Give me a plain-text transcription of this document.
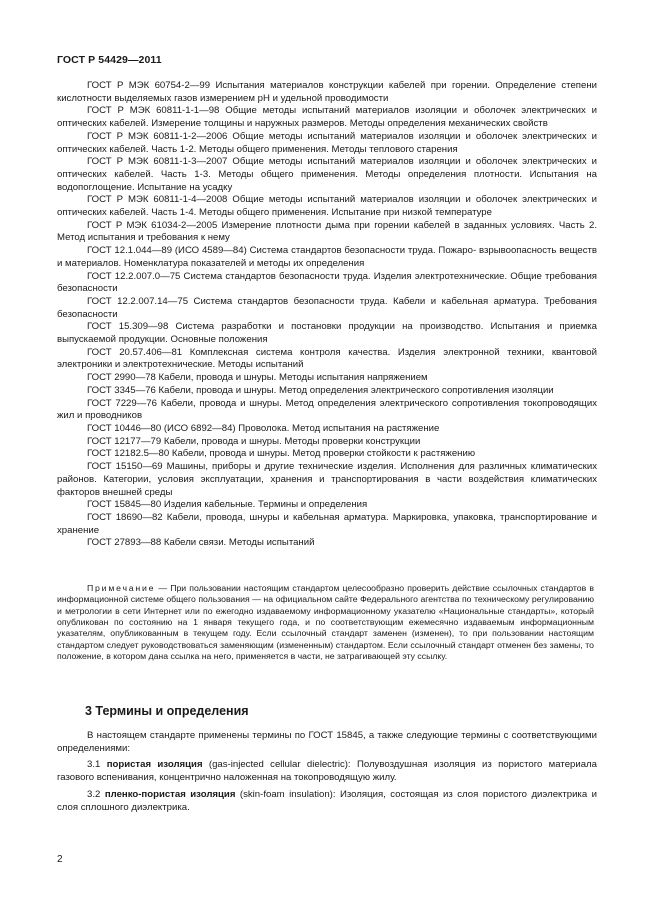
ГОСТ Р 54429—2011

ГОСТ Р МЭК 60754-2—99 Испытания материалов конструкции кабелей при горении. Определение степени кислотности выделяемых газов измерением pH и удельной проводимости

ГОСТ Р МЭК 60811-1-1—98 Общие методы испытаний материалов изоляции и оболочек электрических и оптических кабелей. Измерение толщины и наружных размеров. Методы определения механических свойств

ГОСТ Р МЭК 60811-1-2—2006 Общие методы испытаний материалов изоляции и оболочек электрических и оптических кабелей. Часть 1-2. Методы общего применения. Методы теплового старения

ГОСТ Р МЭК 60811-1-3—2007 Общие методы испытаний материалов изоляции и оболочек электрических и оптических кабелей. Часть 1-3. Методы общего применения. Методы определения плотности. Испытания на водопоглощение. Испытание на усадку

ГОСТ Р МЭК 60811-1-4—2008 Общие методы испытаний материалов изоляции и оболочек электрических и оптических кабелей. Часть 1-4. Методы общего применения. Испытание при низкой температуре

ГОСТ Р МЭК 61034-2—2005 Измерение плотности дыма при горении кабелей в заданных условиях. Часть 2. Метод испытания и требования к нему

ГОСТ 12.1.044—89 (ИСО 4589—84) Система стандартов безопасности труда. Пожаро- взрывоопасность веществ и материалов. Номенклатура показателей и методы их определения

ГОСТ 12.2.007.0—75 Система стандартов безопасности труда. Изделия электротехнические. Общие требования безопасности

ГОСТ 12.2.007.14—75 Система стандартов безопасности труда. Кабели и кабельная арматура. Требования безопасности

ГОСТ 15.309—98 Система разработки и постановки продукции на производство. Испытания и приемка выпускаемой продукции. Основные положения

ГОСТ 20.57.406—81 Комплексная система контроля качества. Изделия электронной техники, квантовой электроники и электротехнические. Методы испытаний

ГОСТ 2990—78 Кабели, провода и шнуры. Методы испытания напряжением

ГОСТ 3345—76 Кабели, провода и шнуры. Метод определения электрического сопротивления изоляции

ГОСТ 7229—76 Кабели, провода и шнуры. Метод определения электрического сопротивления токопроводящих жил и проводников

ГОСТ 10446—80 (ИСО 6892—84) Проволока. Метод испытания на растяжение

ГОСТ 12177—79 Кабели, провода и шнуры. Методы проверки конструкции

ГОСТ 12182.5—80 Кабели, провода и шнуры. Метод проверки стойкости к растяжению

ГОСТ 15150—69 Машины, приборы и другие технические изделия. Исполнения для различных климатических районов. Категории, условия эксплуатации, хранения и транспортирования в части воздействия климатических факторов внешней среды

ГОСТ 15845—80 Изделия кабельные. Термины и определения

ГОСТ 18690—82 Кабели, провода, шнуры и кабельная арматура. Маркировка, упаковка, транспортирование и хранение

ГОСТ 27893—88 Кабели связи. Методы испытаний

Примечание — При пользовании настоящим стандартом целесообразно проверить действие ссылочных стандартов в информационной системе общего пользования — на официальном сайте Федерального агентства по техническому регулированию и метрологии в сети Интернет или по ежегодно издаваемому информационному указателю «Национальные стандарты», который опубликован по состоянию на 1 января текущего года, и по соответствующим ежемесячно издаваемым информационным указателям, опубликованным в текущем году. Если ссылочный стандарт заменен (изменен), то при пользовании настоящим стандартом следует руководствоваться заменяющим (измененным) стандартом. Если ссылочный стандарт отменен без замены, то положение, в котором дана ссылка на него, применяется в части, не затрагивающей эту ссылку.

3 Термины и определения

В настоящем стандарте применены термины по ГОСТ 15845, а также следующие термины с соответствующими определениями:

3.1 пористая изоляция (gas-injected cellular dielectric): Полувоздушная изоляция из пористого материала газового вспенивания, концентрично наложенная на токопроводящую жилу.

3.2 пленко-пористая изоляция (skin-foam insulation): Изоляция, состоящая из слоя пористого диэлектрика и слоя сплошного диэлектрика.

2
